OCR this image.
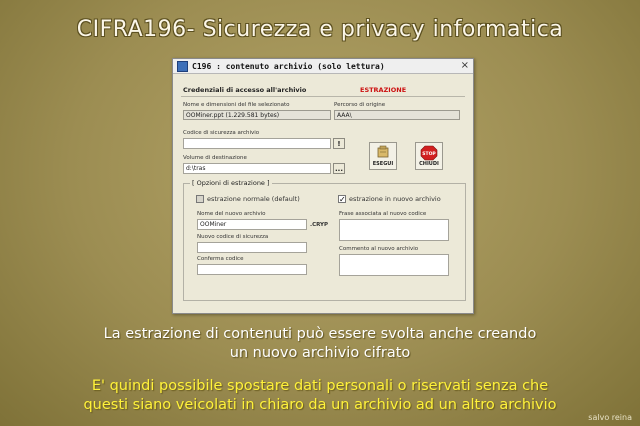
CIFRA196- Sicurezza e privacy informatica
C196 : contenuto archivio (solo lettura)	×
Credenziali di accesso all'archivio	ESTRAZIONE
Nome e dimensioni del file selezionato
OOMiner.ppt (1.229.581 bytes)
Percorso di origine
AAA\
Codice di sicurezza archivio
!
Volume di destinazione
d:\tras	...
ESEGUI
STOP
CHIUDI
[ Opzioni di estrazione ]
estrazione normale (default)	✓ estrazione in nuovo archivio
Nome del nuovo archivio
OOMiner	.CRYP
Nuovo codice di sicurezza
Conferma codice
Frase associata al nuovo codice
Commento al nuovo archivio
La estrazione di contenuti può essere svolta anche creando
un nuovo archivio cifrato
E' quindi possibile spostare dati personali o riservati senza che
questi siano veicolati in chiaro da un archivio ad un altro archivio
salvo reina
